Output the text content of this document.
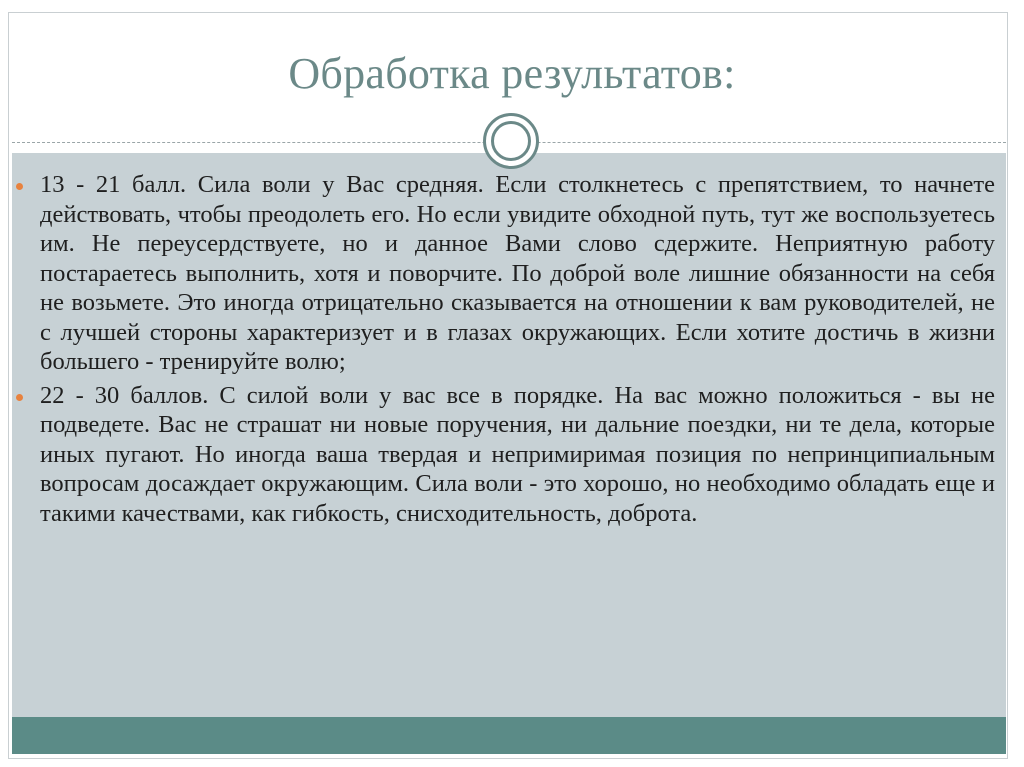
Обработка результатов:
13 - 21 балл. Сила воли у Вас средняя. Если столкнетесь с препятствием, то начнете действовать, чтобы преодолеть его. Но если увидите обходной путь, тут же воспользуетесь им. Не переусердствуете, но и данное Вами слово сдержите. Неприятную работу постараетесь выполнить, хотя и поворчите. По доброй воле лишние обязанности на себя не возьмете. Это иногда отрицательно сказывается на отношении к вам руководителей, не с лучшей стороны характеризует и в глазах окружающих. Если хотите достичь в жизни большего - тренируйте волю;
22 - 30 баллов. С силой воли у вас все в порядке. На вас можно положиться - вы не подведете. Вас не страшат ни новые поручения, ни дальние поездки, ни те дела, которые иных пугают. Но иногда ваша твердая и непримиримая позиция по непринципиальным вопросам досаждает окружающим. Сила воли - это хорошо, но необходимо обладать еще и такими качествами, как гибкость, снисходительность, доброта.
